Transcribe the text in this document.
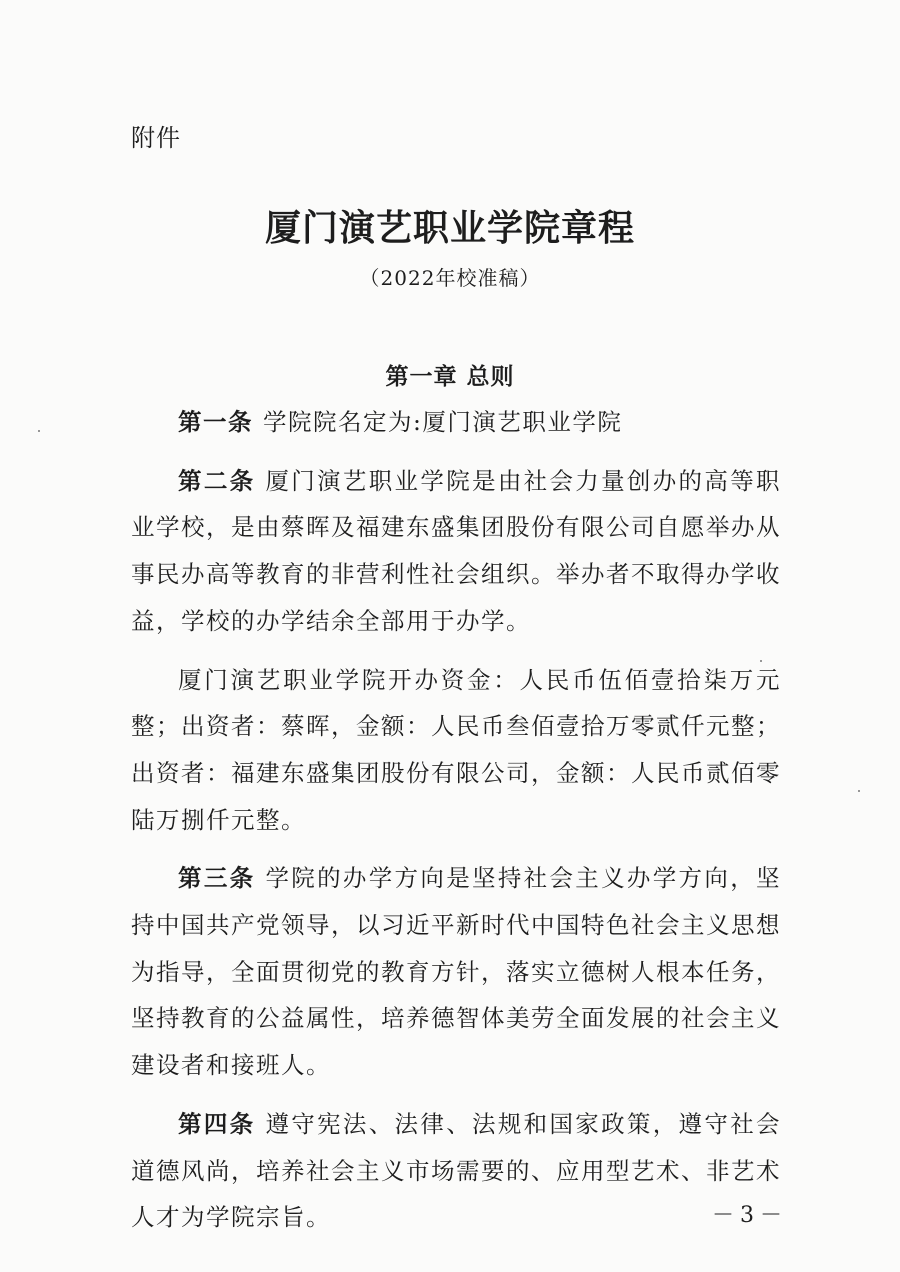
附件
厦门演艺职业学院章程
（2022年校准稿）
第一章 总则

第一条 学院院名定为:厦门演艺职业学院

第二条 厦门演艺职业学院是由社会力量创办的高等职业学校，是由蔡晖及福建东盛集团股份有限公司自愿举办从事民办高等教育的非营利性社会组织。举办者不取得办学收益，学校的办学结余全部用于办学。

厦门演艺职业学院开办资金：人民币伍佰壹拾柒万元整；出资者：蔡晖，金额：人民币叁佰壹拾万零贰仟元整；出资者：福建东盛集团股份有限公司，金额：人民币贰佰零陆万捌仟元整。

第三条 学院的办学方向是坚持社会主义办学方向，坚持中国共产党领导，以习近平新时代中国特色社会主义思想为指导，全面贯彻党的教育方针，落实立德树人根本任务，坚持教育的公益属性，培养德智体美劳全面发展的社会主义建设者和接班人。

第四条 遵守宪法、法律、法规和国家政策，遵守社会道德风尚，培养社会主义市场需要的、应用型艺术、非艺术人才为学院宗旨。	－3－
